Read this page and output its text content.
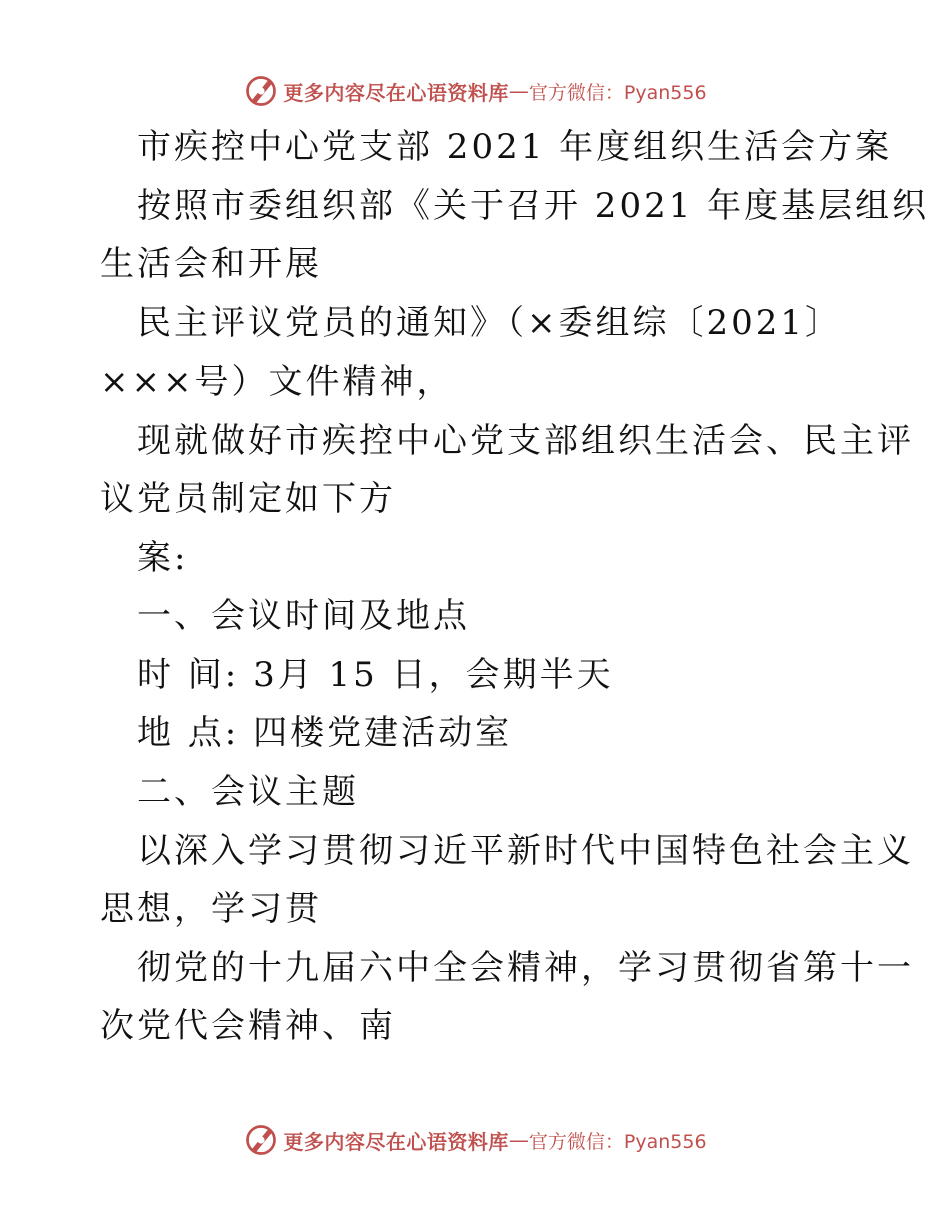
更多内容尽在心语资料库 — 官方微信：Pyan556
市疾控中心党支部 2021 年度组织生活会方案
按照市委组织部《关于召开 2021 年度基层组织
生活会和开展
民主评议党员的通知》（×委组综〔2021〕
×××号）文件精神，
现就做好市疾控中心党支部组织生活会、民主评
议党员制定如下方
案:
一、会议时间及地点
时 间: 3月 15 日，会期半天
地 点: 四楼党建活动室
二、会议主题
以深入学习贯彻习近平新时代中国特色社会主义
思想，学习贯
彻党的十九届六中全会精神，学习贯彻省第十一
次党代会精神、南
更多内容尽在心语资料库 — 官方微信：Pyan556
